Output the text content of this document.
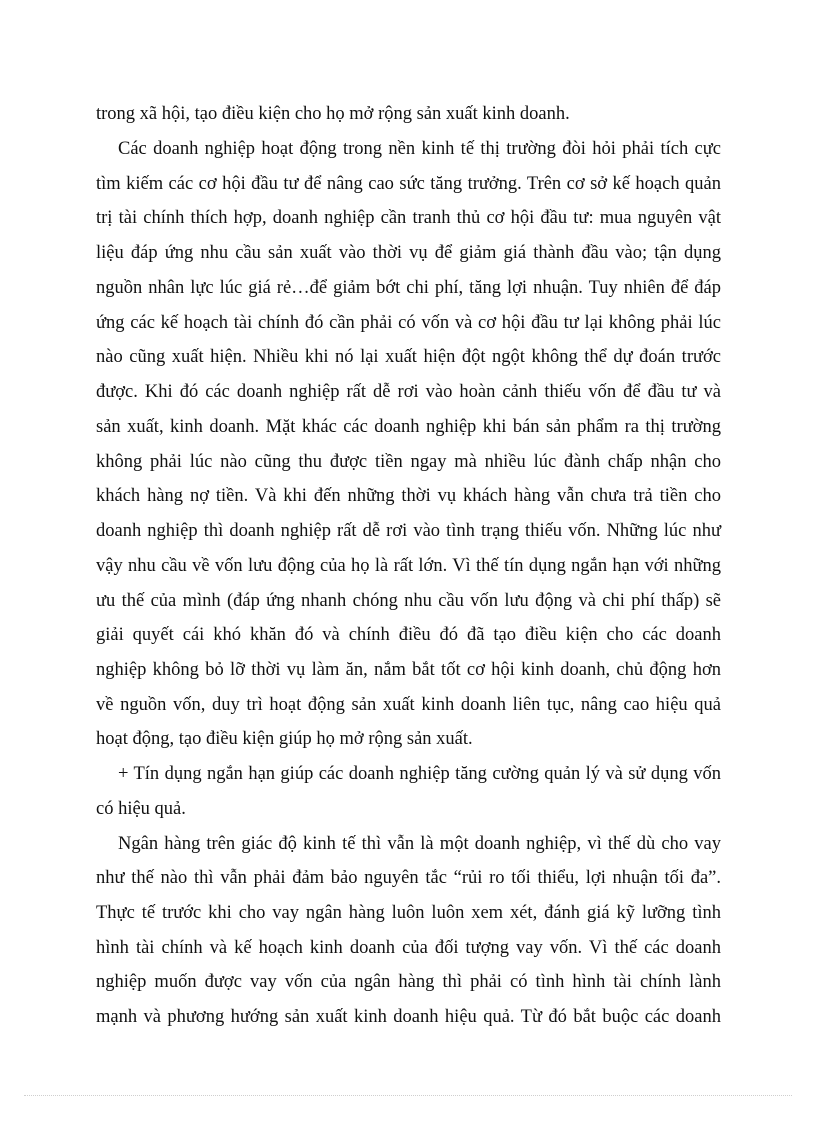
trong xã hội, tạo điều kiện cho họ mở rộng sản xuất kinh doanh.
Các doanh nghiệp hoạt động trong nền kinh tế thị trường đòi hỏi phải tích cực
tìm kiếm các cơ hội đầu tư để nâng cao sức tăng trưởng. Trên cơ sở kế hoạch quản
trị tài chính thích hợp, doanh nghiệp cần tranh thủ cơ hội đầu tư: mua nguyên vật
liệu đáp ứng nhu cầu sản xuất vào thời vụ để giảm giá thành đầu vào; tận dụng
nguồn nhân lực lúc giá rẻ…để giảm bớt chi phí, tăng lợi nhuận. Tuy nhiên để đáp
ứng các kế hoạch tài chính đó cần phải có vốn và cơ hội đầu tư lại không phải lúc
nào cũng xuất hiện. Nhiều khi nó lại xuất hiện đột ngột không thể dự đoán trước
được. Khi đó các doanh nghiệp rất dễ rơi vào hoàn cảnh thiếu vốn để đầu tư và
sản xuất, kinh doanh. Mặt khác các doanh nghiệp khi bán sản phẩm ra thị trường
không phải lúc nào cũng thu được tiền ngay mà nhiều lúc đành chấp nhận cho
khách hàng nợ tiền. Và khi đến những thời vụ khách hàng vẫn chưa trả tiền cho
doanh nghiệp thì doanh nghiệp rất dễ rơi vào tình trạng thiếu vốn. Những lúc như
vậy nhu cầu về vốn lưu động của họ là rất lớn. Vì thế tín dụng ngắn hạn với những
ưu thế của mình (đáp ứng nhanh chóng nhu cầu vốn lưu động và chi phí thấp) sẽ
giải quyết cái khó khăn đó và chính điều đó đã tạo điều kiện cho các doanh
nghiệp không bỏ lỡ thời vụ làm ăn, nắm bắt tốt cơ hội kinh doanh, chủ động hơn
về nguồn vốn, duy trì hoạt động sản xuất kinh doanh liên tục, nâng cao hiệu quả
hoạt động, tạo điều kiện giúp họ mở rộng sản xuất.
+ Tín dụng ngắn hạn giúp các doanh nghiệp tăng cường quản lý và sử dụng vốn
có hiệu quả.
Ngân hàng trên giác độ kinh tế thì vẫn là một doanh nghiệp, vì thế dù cho vay
như thế nào thì vẫn phải đảm bảo nguyên tắc “rủi ro tối thiểu, lợi nhuận tối đa”.
Thực tế trước khi cho vay ngân hàng luôn luôn xem xét, đánh giá kỹ lưỡng tình
hình tài chính và kế hoạch kinh doanh của đối tượng vay vốn. Vì thế các doanh
nghiệp muốn được vay vốn của ngân hàng thì phải có tình hình tài chính lành
mạnh và phương hướng sản xuất kinh doanh hiệu quả. Từ đó bắt buộc các doanh
